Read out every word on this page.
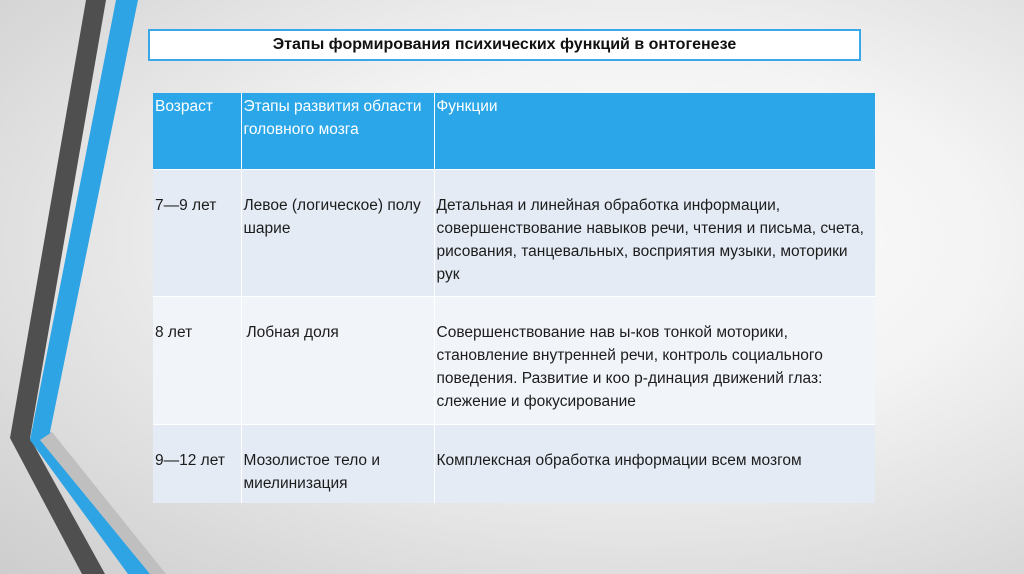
Этапы формирования психических функций в онтогенезе
Возраст	Этапы развития области головного мозга	Функции
7—9 лет	Левое (логическое) полу шарие	Детальная и линейная обработка информации, совершенствование навыков речи, чтения и письма, счета, рисования, танцевальных, восприятия музыки, моторики рук
8 лет	Лобная доля	Совершенствование нав ы-ков тонкой моторики, становление внутренней речи, контроль социального поведения. Развитие и коо р-динация движений глаз: слежение и фокусирование
9—12 лет	Мозолистое тело и миелинизация	Комплексная обработка информации всем мозгом
